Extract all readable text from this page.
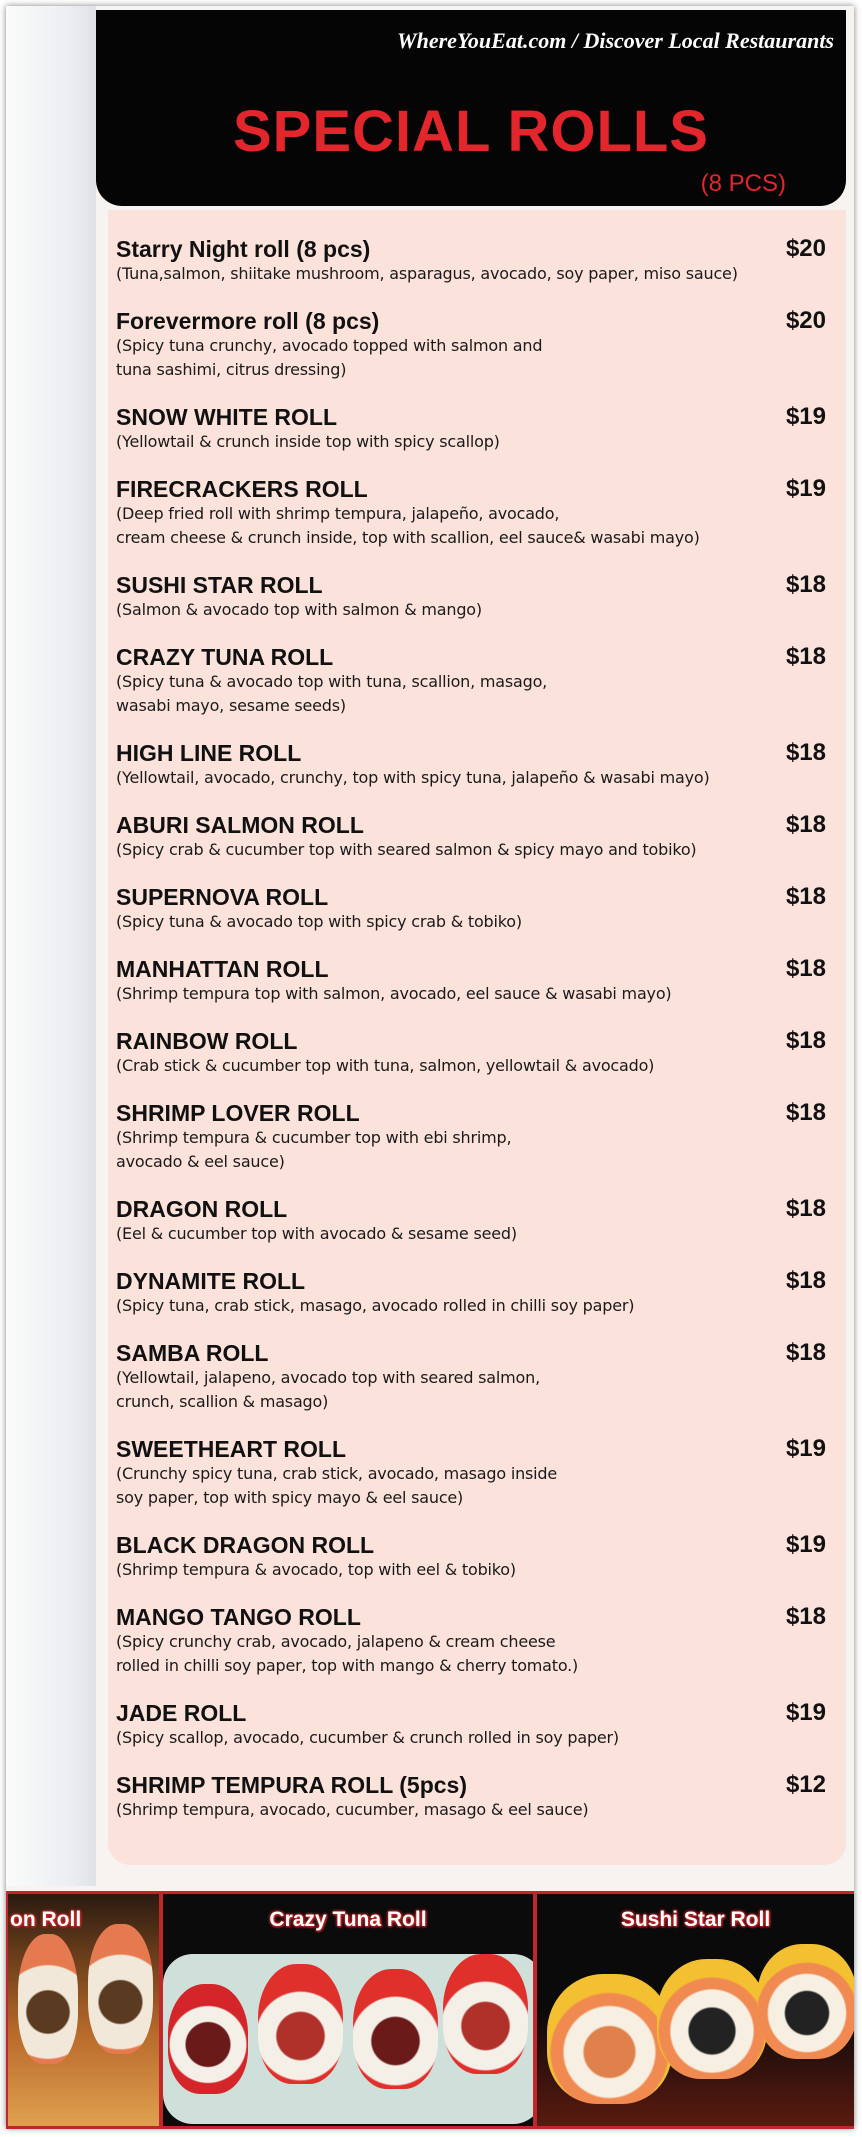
WhereYouEat.com / Discover Local Restaurants
SPECIAL ROLLS
(8 PCS)
Starry Night roll (8 pcs)	$20
(Tuna,salmon, shiitake mushroom, asparagus, avocado, soy paper, miso sauce)
Forevermore roll (8 pcs)	$20
(Spicy tuna crunchy, avocado topped with salmon and
tuna sashimi, citrus dressing)
SNOW WHITE ROLL	$19
(Yellowtail & crunch inside top with spicy scallop)
FIRECRACKERS ROLL	$19
(Deep fried roll with shrimp tempura, jalapeño, avocado,
cream cheese & crunch inside, top with scallion, eel sauce& wasabi mayo)
SUSHI STAR ROLL	$18
(Salmon & avocado top with salmon & mango)
CRAZY TUNA ROLL	$18
(Spicy tuna & avocado top with tuna, scallion, masago,
wasabi mayo, sesame seeds)
HIGH LINE ROLL	$18
(Yellowtail, avocado, crunchy, top with spicy tuna, jalapeño & wasabi mayo)
ABURI SALMON ROLL	$18
(Spicy crab & cucumber top with seared salmon & spicy mayo and tobiko)
SUPERNOVA ROLL	$18
(Spicy tuna & avocado top with spicy crab & tobiko)
MANHATTAN ROLL	$18
(Shrimp tempura top with salmon, avocado, eel sauce & wasabi mayo)
RAINBOW ROLL	$18
(Crab stick & cucumber top with tuna, salmon, yellowtail & avocado)
SHRIMP LOVER ROLL	$18
(Shrimp tempura & cucumber top with ebi shrimp,
avocado & eel sauce)
DRAGON ROLL	$18
(Eel & cucumber top with avocado & sesame seed)
DYNAMITE ROLL	$18
(Spicy tuna, crab stick, masago, avocado rolled in chilli soy paper)
SAMBA ROLL	$18
(Yellowtail, jalapeno, avocado top with seared salmon,
crunch, scallion & masago)
SWEETHEART ROLL	$19
(Crunchy spicy tuna, crab stick, avocado, masago inside
soy paper, top with spicy mayo & eel sauce)
BLACK DRAGON ROLL	$19
(Shrimp tempura & avocado, top with eel & tobiko)
MANGO TANGO ROLL	$18
(Spicy crunchy crab, avocado, jalapeno & cream cheese
rolled in chilli soy paper, top with mango & cherry tomato.)
JADE ROLL	$19
(Spicy scallop, avocado, cucumber & crunch rolled in soy paper)
SHRIMP TEMPURA ROLL (5pcs)	$12
(Shrimp tempura, avocado, cucumber, masago & eel sauce)
on Roll	Crazy Tuna Roll	Sushi Star Roll
